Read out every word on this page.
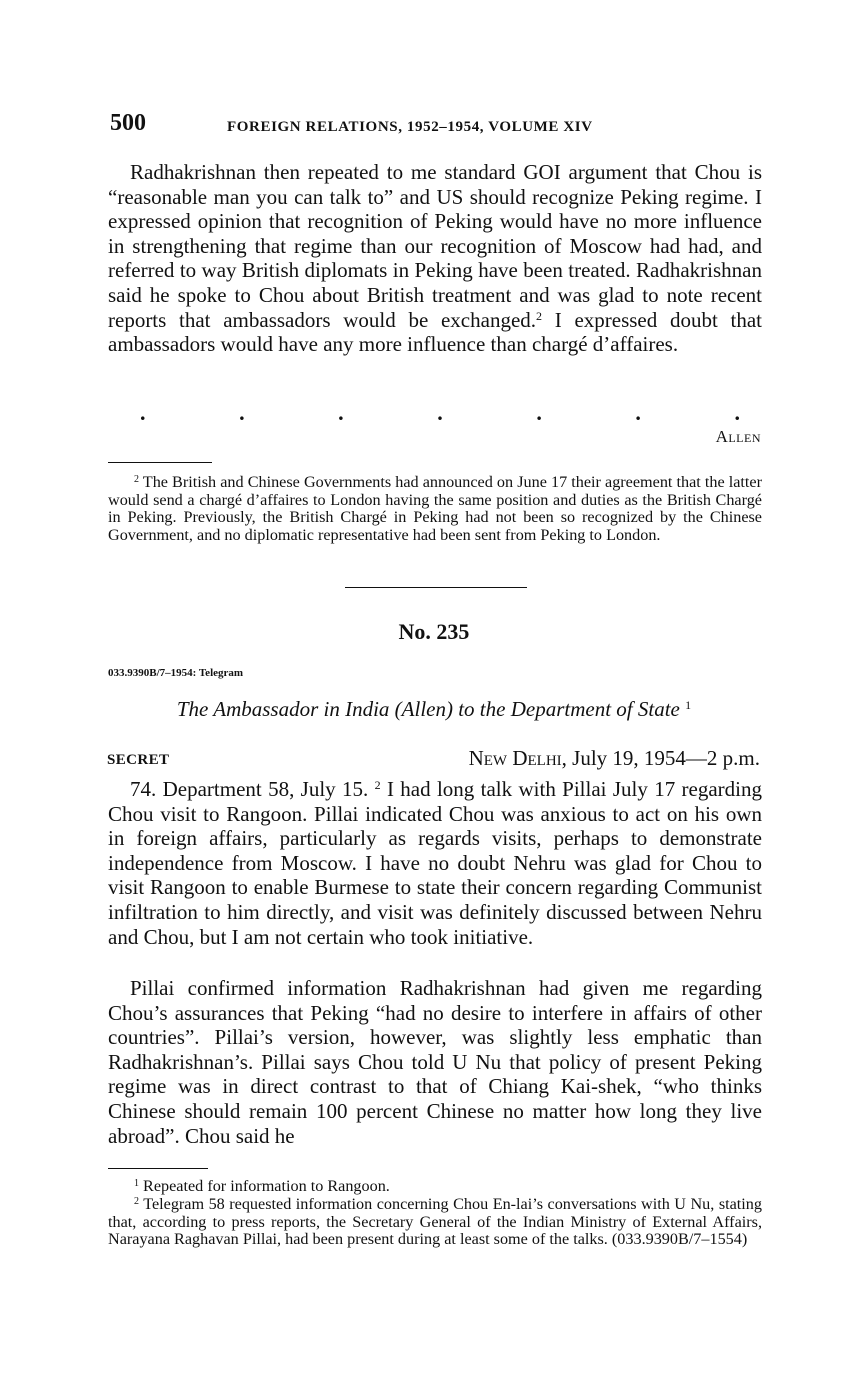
500	FOREIGN RELATIONS, 1952–1954, VOLUME XIV

Radhakrishnan then repeated to me standard GOI argument that Chou is “reasonable man you can talk to” and US should recognize Peking regime. I expressed opinion that recognition of Peking would have no more influence in strengthening that regime than our recognition of Moscow had had, and referred to way British diplomats in Peking have been treated. Radhakrishnan said he spoke to Chou about British treatment and was glad to note recent reports that ambassadors would be exchanged.$^2$ I expressed doubt that ambassadors would have any more influence than chargé d’affaires.

.	.	.	.	.	.	.
Allen

$^2$ The British and Chinese Governments had announced on June 17 their agreement that the latter would send a chargé d’affaires to London having the same position and duties as the British Chargé in Peking. Previously, the British Chargé in Peking had not been so recognized by the Chinese Government, and no diplomatic representative had been sent from Peking to London.

No. 235
033.9390B/7–1954: Telegram
The Ambassador in India (Allen) to the Department of State $^1$
SECRET	New Delhi, July 19, 1954—2 p.m.

74. Department 58, July 15. $^2$ I had long talk with Pillai July 17 regarding Chou visit to Rangoon. Pillai indicated Chou was anxious to act on his own in foreign affairs, particularly as regards visits, perhaps to demonstrate independence from Moscow. I have no doubt Nehru was glad for Chou to visit Rangoon to enable Burmese to state their concern regarding Communist infiltration to him directly, and visit was definitely discussed between Nehru and Chou, but I am not certain who took initiative.

Pillai confirmed information Radhakrishnan had given me regarding Chou’s assurances that Peking “had no desire to interfere in affairs of other countries”. Pillai’s version, however, was slightly less emphatic than Radhakrishnan’s. Pillai says Chou told U Nu that policy of present Peking regime was in direct contrast to that of Chiang Kai-shek, “who thinks Chinese should remain 100 percent Chinese no matter how long they live abroad”. Chou said he

$^1$ Repeated for information to Rangoon.

$^2$ Telegram 58 requested information concerning Chou En-lai’s conversations with U Nu, stating that, according to press reports, the Secretary General of the Indian Ministry of External Affairs, Narayana Raghavan Pillai, had been present during at least some of the talks. (033.9390B/7–1554)
